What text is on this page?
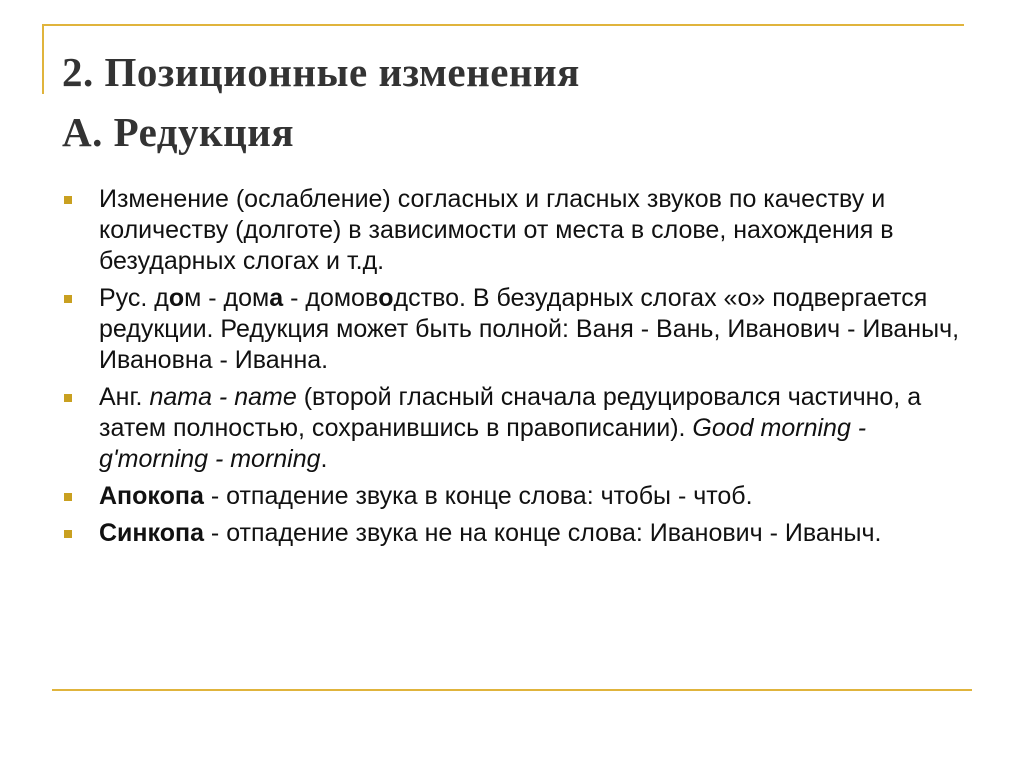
2. Позиционные изменения
А. Редукция
Изменение (ослабление) согласных и гласных звуков по качеству и количеству (долготе) в зависимости от места в слове, нахождения в безударных слогах и т.д.
Рус. дом - дома - домоводство. В безударных слогах «о» подвергается редукции. Редукция может быть полной: Ваня - Вань, Иванович - Иваныч, Ивановна - Иванна.
Анг. nama - name (второй гласный сначала редуцировался частично, а затем полностью, сохранившись в правописании). Good morning - g'morning - morning.
Апокопа - отпадение звука в конце слова: чтобы - чтоб.
Синкопа - отпадение звука не на конце слова: Иванович - Иваныч.
